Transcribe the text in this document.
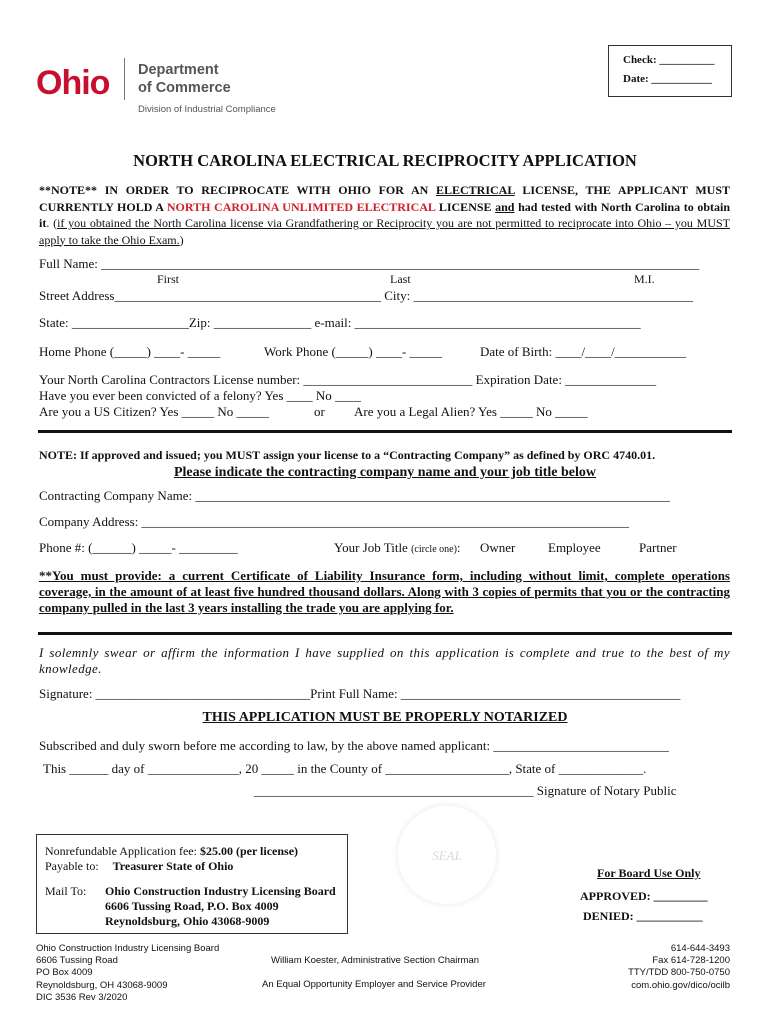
Check: __________
Date: ___________
Ohio Department
of Commerce
Division of Industrial Compliance
NORTH CAROLINA ELECTRICAL RECIPROCITY APPLICATION
**NOTE** IN ORDER TO RECIPROCATE WITH OHIO FOR AN ELECTRICAL LICENSE, THE APPLICANT MUST CURRENTLY HOLD A NORTH CAROLINA UNLIMITED ELECTRICAL LICENSE and had tested with North Carolina to obtain it. (if you obtained the North Carolina license via Grandfathering or Reciprocity you are not permitted to reciprocate into Ohio – you MUST apply to take the Ohio Exam.)
Full Name: ____________________________________________________________________________________________
First	Last	M.I.
Street Address_________________________________________ City: ___________________________________________
State: __________________Zip: _______________ e-mail: ____________________________________________
Home Phone (_____) ____- _____	Work Phone (_____) ____- _____	Date of Birth: ____/____/___________
Your North Carolina Contractors License number: __________________________ Expiration Date: ______________
Have you ever been convicted of a felony? Yes ____ No ____
Are you a US Citizen? Yes _____ No _____	or Are you a Legal Alien? Yes _____ No _____
NOTE: If approved and issued; you MUST assign your license to a “Contracting Company” as defined by ORC 4740.01.
Please indicate the contracting company name and your job title below
Contracting Company Name: _________________________________________________________________________
Company Address: ___________________________________________________________________________
Phone #: (______) _____- _________	Your Job Title (circle one): Owner	Employee	Partner
**You must provide: a current Certificate of Liability Insurance form, including without limit, complete operations coverage, in the amount of at least five hundred thousand dollars. Along with 3 copies of permits that you or the contracting company pulled in the last 3 years installing the trade you are applying for.
I solemnly swear or affirm the information I have supplied on this application is complete and true to the best of my knowledge.
Signature: _________________________________Print Full Name: ___________________________________________
THIS APPLICATION MUST BE PROPERLY NOTARIZED
Subscribed and duly sworn before me according to law, by the above named applicant: ___________________________
This ______ day of ______________, 20 _____ in the County of ___________________, State of _____________.
___________________________________________ Signature of Notary Public
Nonrefundable Application fee: $25.00 (per license)
Payable to: Treasurer State of Ohio
Mail To:	Ohio Construction Industry Licensing Board
6606 Tussing Road, P.O. Box 4009
Reynoldsburg, Ohio 43068-9009
SEAL
For Board Use Only
APPROVED: _________
DENIED: ___________
Ohio Construction Industry Licensing Board
6606 Tussing Road
PO Box 4009
Reynoldsburg, OH 43068-9009
DIC 3536 Rev 3/2020
William Koester, Administrative Section Chairman
An Equal Opportunity Employer and Service Provider
614-644-3493
Fax 614-728-1200
TTY/TDD 800-750-0750
com.ohio.gov/dico/ocilb
